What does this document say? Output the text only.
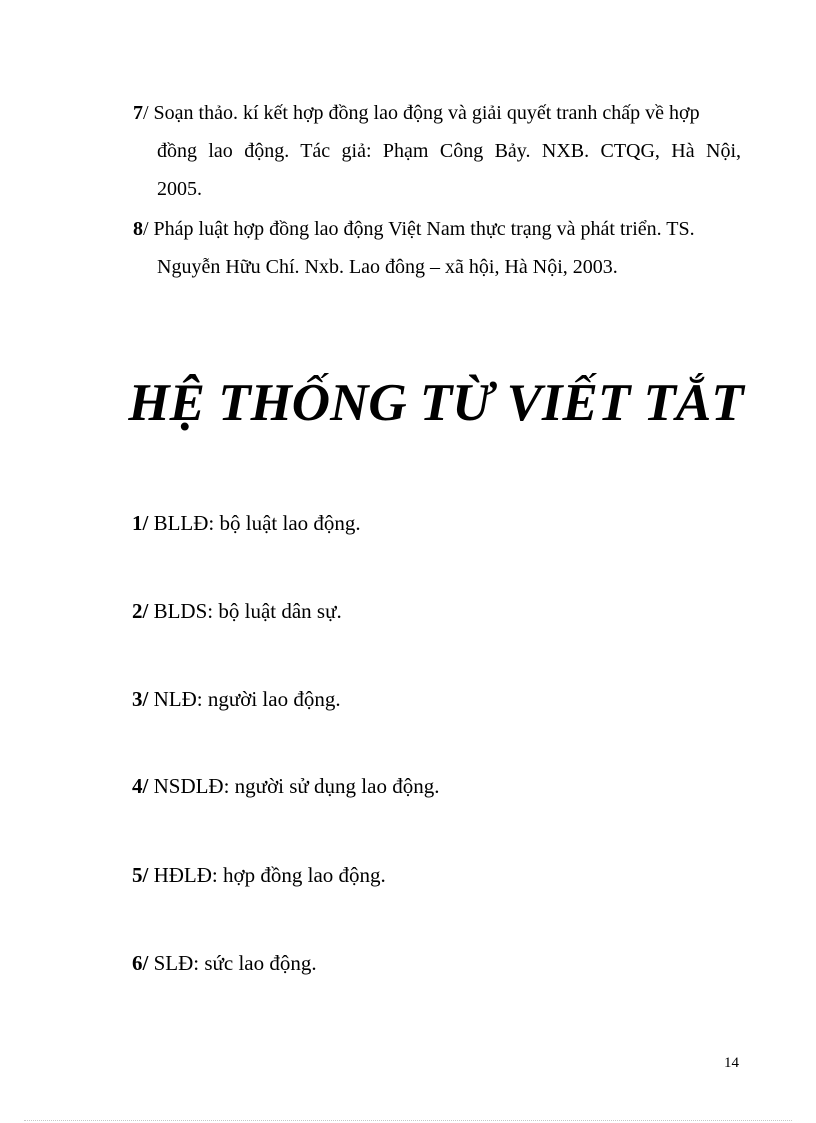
7/ Soạn thảo. kí kết hợp đồng lao động và giải quyết tranh chấp về hợp
đồng lao động. Tác giả: Phạm Công Bảy. NXB. CTQG, Hà Nội,
2005.
8/ Pháp luật hợp đồng lao động Việt Nam thực trạng và phát triển. TS.
Nguyễn Hữu Chí. Nxb. Lao đông – xã hội, Hà Nội, 2003.
HỆ THỐNG TỪ VIẾT TẮT
1/ BLLĐ: bộ luật lao động.
2/ BLDS: bộ luật dân sự.
3/ NLĐ: người lao động.
4/ NSDLĐ: người sử dụng lao động.
5/ HĐLĐ: hợp đồng lao động.
6/ SLĐ: sức lao động.
14
